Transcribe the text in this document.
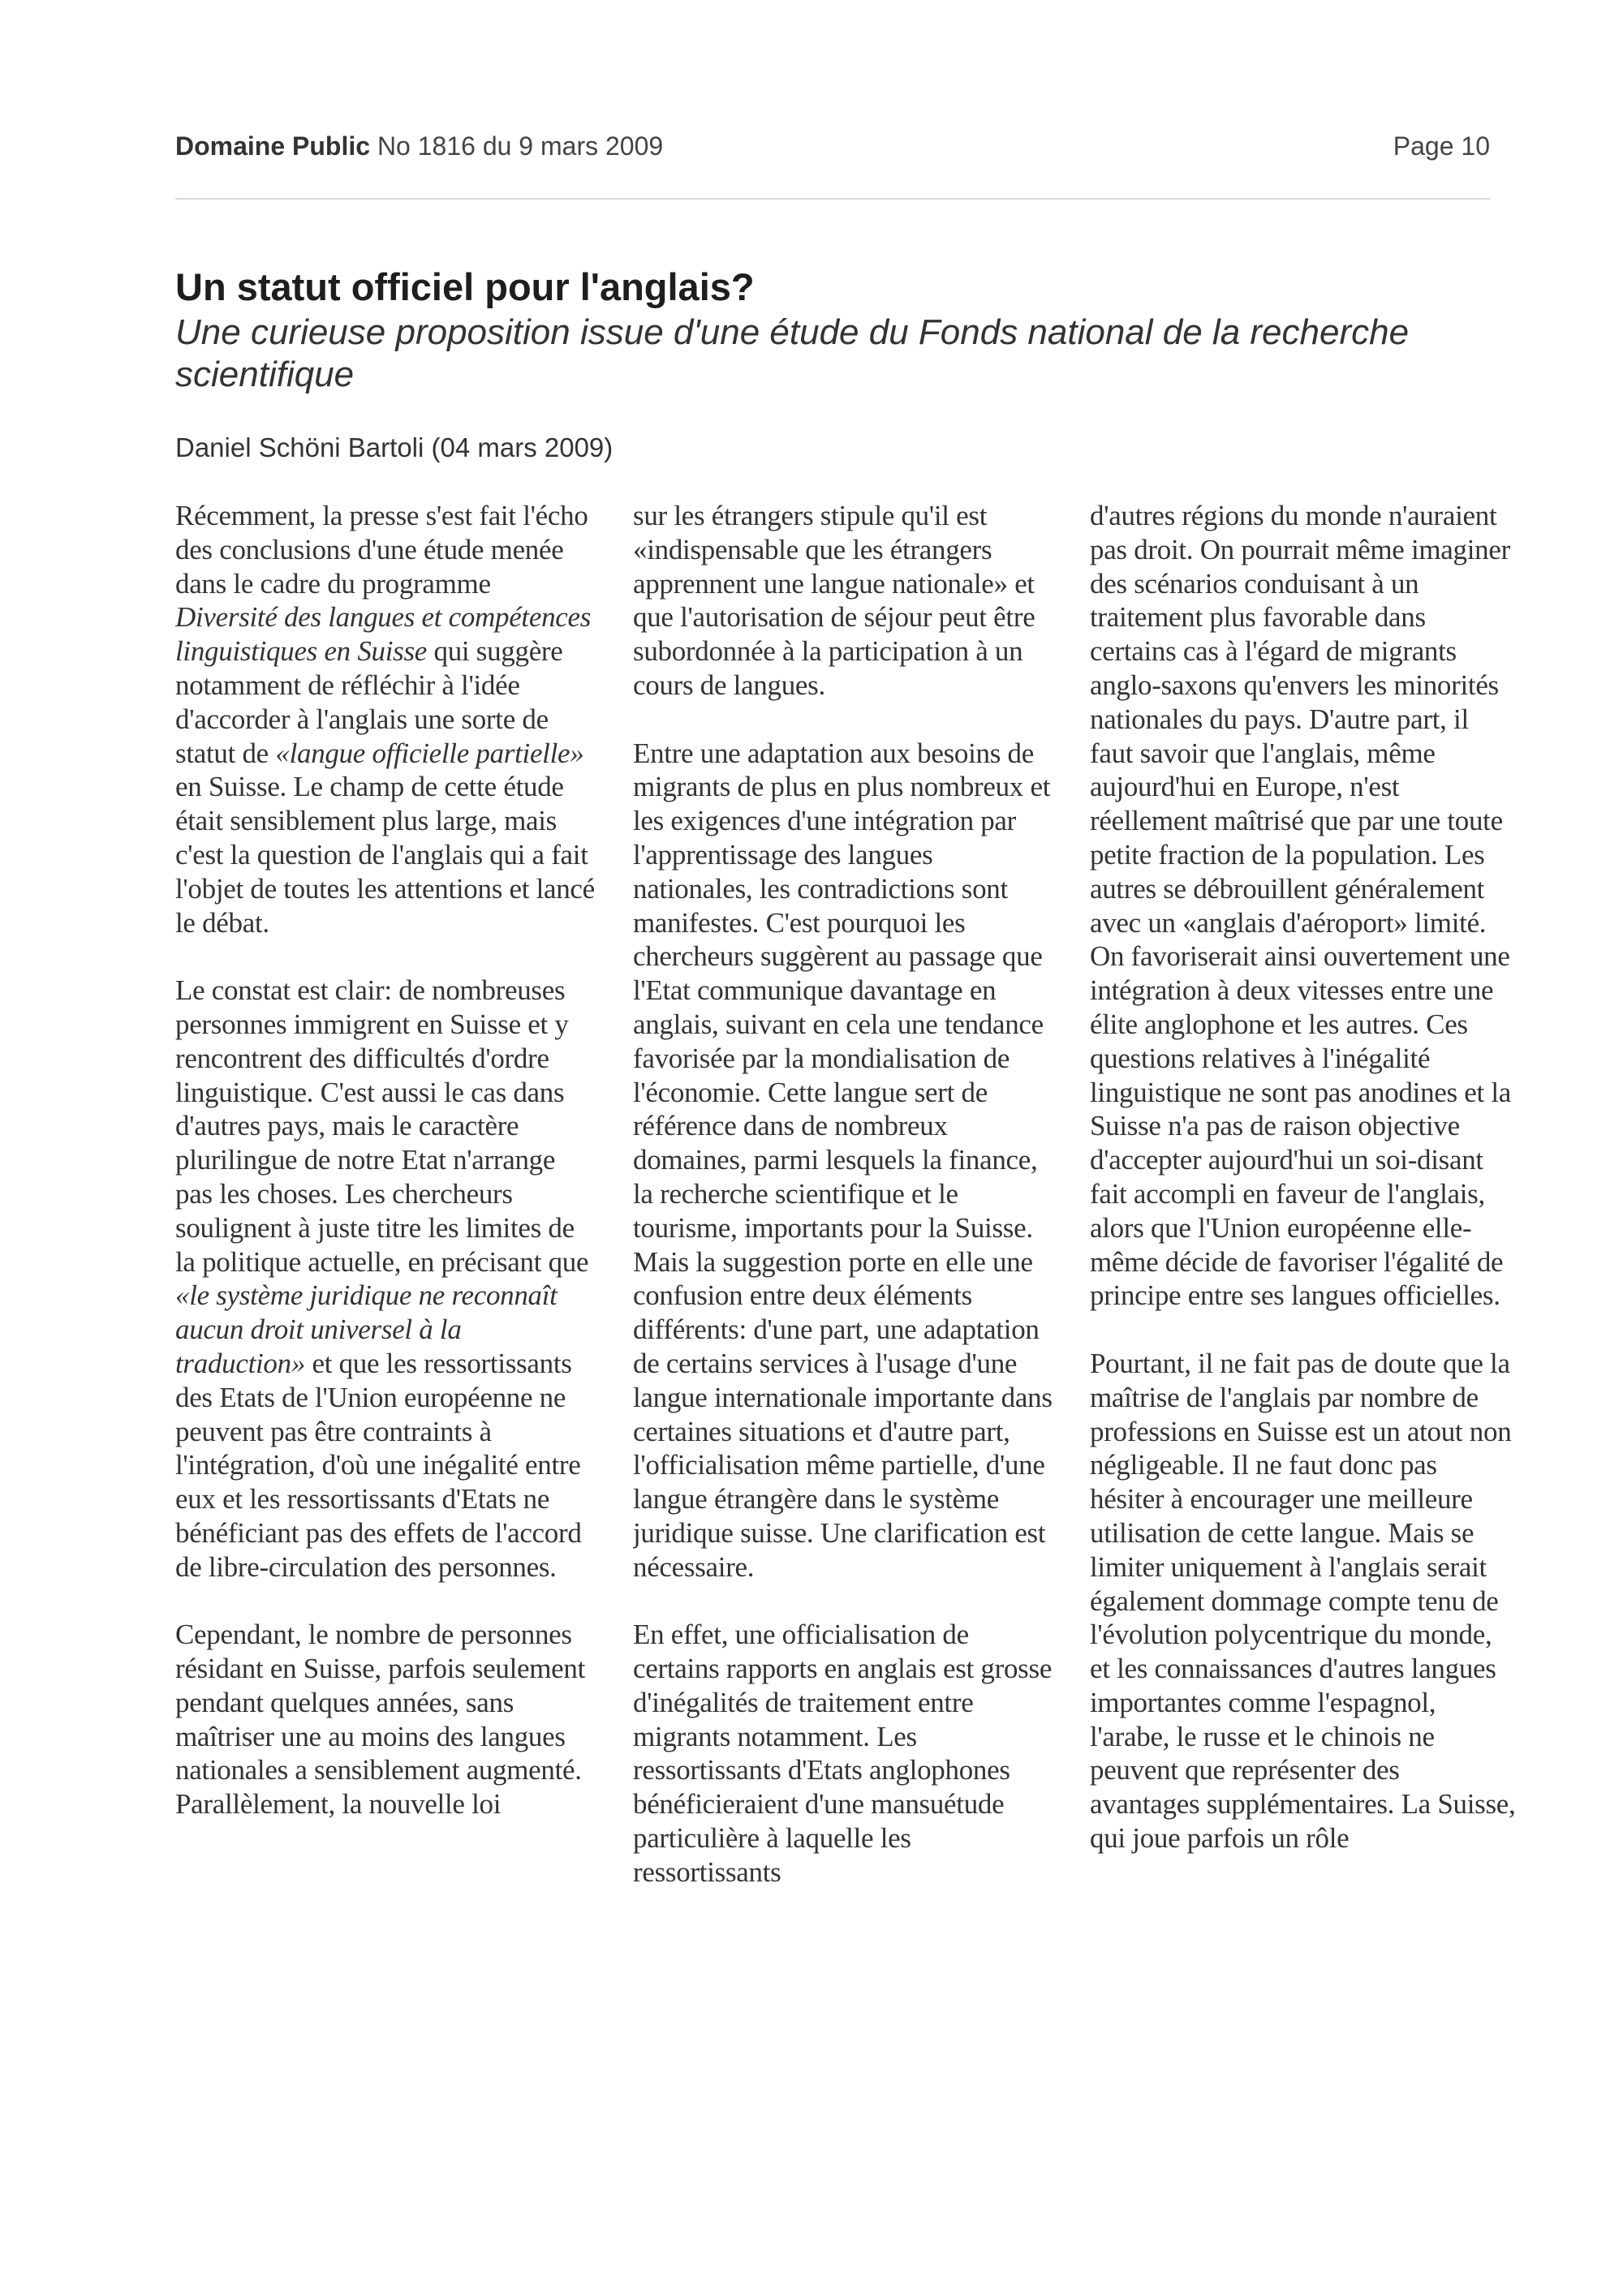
Domaine Public No 1816 du 9 mars 2009	Page 10
Un statut officiel pour l'anglais?

Une curieuse proposition issue d'une étude du Fonds national de la recherche scientifique

Daniel Schöni Bartoli (04 mars 2009)

Récemment, la presse s'est fait l'écho des conclusions d'une étude menée dans le cadre du programme Diversité des langues et compétences linguistiques en Suisse qui suggère notamment de réfléchir à l'idée d'accorder à l'anglais une sorte de statut de «langue officielle partielle» en Suisse. Le champ de cette étude était sensiblement plus large, mais c'est la question de l'anglais qui a fait l'objet de toutes les attentions et lancé le débat.

Le constat est clair: de nombreuses personnes immigrent en Suisse et y rencontrent des difficultés d'ordre linguistique. C'est aussi le cas dans d'autres pays, mais le caractère plurilingue de notre Etat n'arrange pas les choses. Les chercheurs soulignent à juste titre les limites de la politique actuelle, en précisant que «le système juridique ne reconnaît aucun droit universel à la traduction» et que les ressortissants des Etats de l'Union européenne ne peuvent pas être contraints à l'intégration, d'où une inégalité entre eux et les ressortissants d'Etats ne bénéficiant pas des effets de l'accord de libre-circulation des personnes.

Cependant, le nombre de personnes résidant en Suisse, parfois seulement pendant quelques années, sans maîtriser une au moins des langues nationales a sensiblement augmenté. Parallèlement, la nouvelle loi

sur les étrangers stipule qu'il est «indispensable que les étrangers apprennent une langue nationale» et que l'autorisation de séjour peut être subordonnée à la participation à un cours de langues.

Entre une adaptation aux besoins de migrants de plus en plus nombreux et les exigences d'une intégration par l'apprentissage des langues nationales, les contradictions sont manifestes. C'est pourquoi les chercheurs suggèrent au passage que l'Etat communique davantage en anglais, suivant en cela une tendance favorisée par la mondialisation de l'économie. Cette langue sert de référence dans de nombreux domaines, parmi lesquels la finance, la recherche scientifique et le tourisme, importants pour la Suisse. Mais la suggestion porte en elle une confusion entre deux éléments différents: d'une part, une adaptation de certains services à l'usage d'une langue internationale importante dans certaines situations et d'autre part, l'officialisation même partielle, d'une langue étrangère dans le système juridique suisse. Une clarification est nécessaire.

En effet, une officialisation de certains rapports en anglais est grosse d'inégalités de traitement entre migrants notamment. Les ressortissants d'Etats anglophones bénéficieraient d'une mansuétude particulière à laquelle les ressortissants

d'autres régions du monde n'auraient pas droit. On pourrait même imaginer des scénarios conduisant à un traitement plus favorable dans certains cas à l'égard de migrants anglo-saxons qu'envers les minorités nationales du pays. D'autre part, il faut savoir que l'anglais, même aujourd'hui en Europe, n'est réellement maîtrisé que par une toute petite fraction de la population. Les autres se débrouillent généralement avec un «anglais d'aéroport» limité. On favoriserait ainsi ouvertement une intégration à deux vitesses entre une élite anglophone et les autres. Ces questions relatives à l'inégalité linguistique ne sont pas anodines et la Suisse n'a pas de raison objective d'accepter aujourd'hui un soi-disant fait accompli en faveur de l'anglais, alors que l'Union européenne elle-même décide de favoriser l'égalité de principe entre ses langues officielles.

Pourtant, il ne fait pas de doute que la maîtrise de l'anglais par nombre de professions en Suisse est un atout non négligeable. Il ne faut donc pas hésiter à encourager une meilleure utilisation de cette langue. Mais se limiter uniquement à l'anglais serait également dommage compte tenu de l'évolution polycentrique du monde, et les connaissances d'autres langues importantes comme l'espagnol, l'arabe, le russe et le chinois ne peuvent que représenter des avantages supplémentaires. La Suisse, qui joue parfois un rôle
